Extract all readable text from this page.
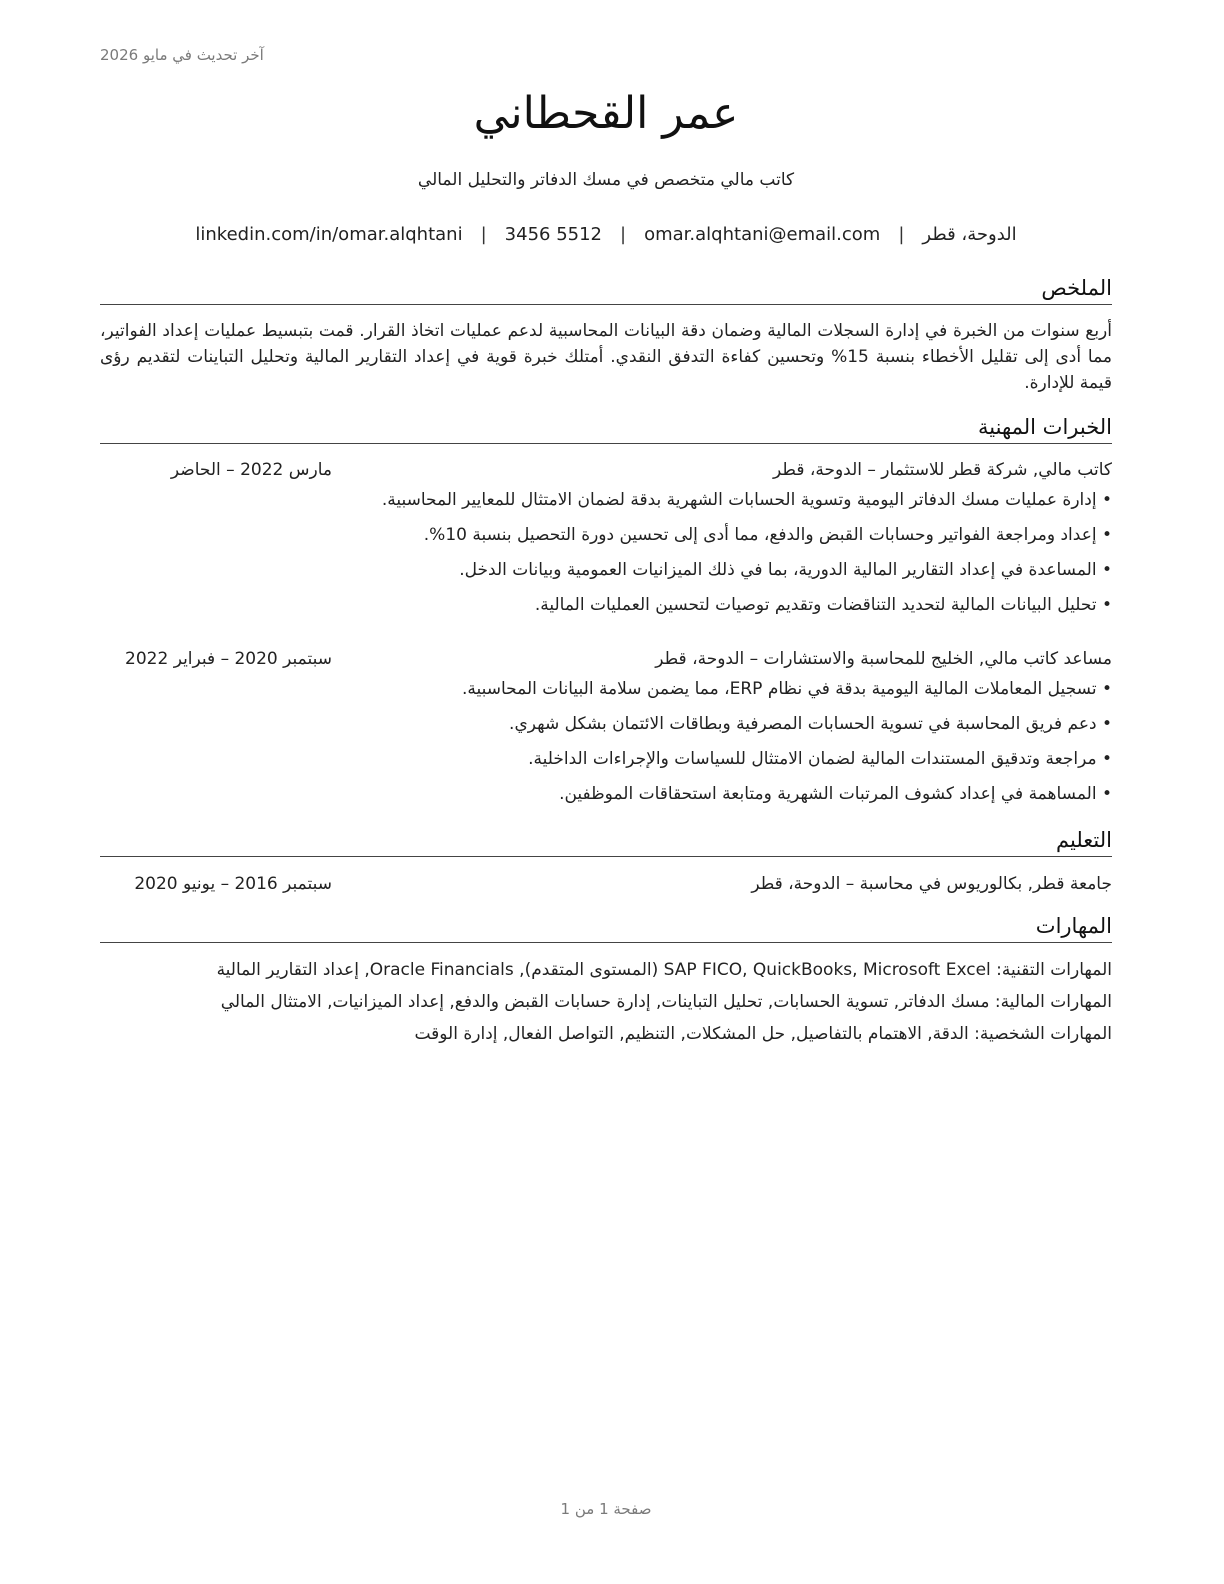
آخر تحديث في مايو 2026
عمر القحطاني
كاتب مالي متخصص في مسك الدفاتر والتحليل المالي
الدوحة، قطر
|
omar.alqhtani@email.com
|
3456 5512
|
linkedin.com/in/omar.alqhtani
الملخص
أربع سنوات من الخبرة في إدارة السجلات المالية وضمان دقة البيانات المحاسبية لدعم عمليات اتخاذ القرار. قمت بتبسيط عمليات إعداد الفواتير، مما أدى إلى تقليل الأخطاء بنسبة 15% وتحسين كفاءة التدفق النقدي. أمتلك خبرة قوية في إعداد التقارير المالية وتحليل التباينات لتقديم رؤى قيمة للإدارة.
الخبرات المهنية
كاتب مالي, شركة قطر للاستثمار – الدوحة، قطر
مارس 2022 – الحاضر
• إدارة عمليات مسك الدفاتر اليومية وتسوية الحسابات الشهرية بدقة لضمان الامتثال للمعايير المحاسبية.
• إعداد ومراجعة الفواتير وحسابات القبض والدفع، مما أدى إلى تحسين دورة التحصيل بنسبة 10%.
• المساعدة في إعداد التقارير المالية الدورية، بما في ذلك الميزانيات العمومية وبيانات الدخل.
• تحليل البيانات المالية لتحديد التناقضات وتقديم توصيات لتحسين العمليات المالية.
مساعد كاتب مالي, الخليج للمحاسبة والاستشارات – الدوحة، قطر
سبتمبر 2020 – فبراير 2022
• تسجيل المعاملات المالية اليومية بدقة في نظام ERP، مما يضمن سلامة البيانات المحاسبية.
• دعم فريق المحاسبة في تسوية الحسابات المصرفية وبطاقات الائتمان بشكل شهري.
• مراجعة وتدقيق المستندات المالية لضمان الامتثال للسياسات والإجراءات الداخلية.
• المساهمة في إعداد كشوف المرتبات الشهرية ومتابعة استحقاقات الموظفين.
التعليم
جامعة قطر, بكالوريوس في محاسبة – الدوحة، قطر
سبتمبر 2016 – يونيو 2020
المهارات
المهارات التقنية: SAP FICO, QuickBooks, Microsoft Excel (المستوى المتقدم), Oracle Financials, إعداد التقارير المالية
المهارات المالية: مسك الدفاتر, تسوية الحسابات, تحليل التباينات, إدارة حسابات القبض والدفع, إعداد الميزانيات, الامتثال المالي
المهارات الشخصية: الدقة, الاهتمام بالتفاصيل, حل المشكلات, التنظيم, التواصل الفعال, إدارة الوقت
صفحة 1 من 1
